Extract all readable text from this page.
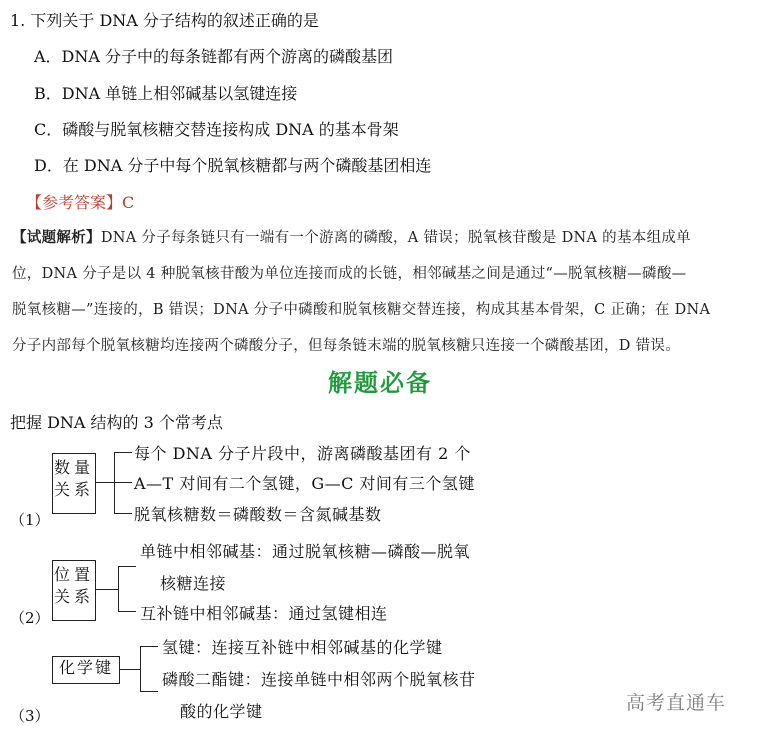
1. 下列关于 DNA 分子结构的叙述正确的是
A．DNA 分子中的每条链都有两个游离的磷酸基团
B．DNA 单链上相邻碱基以氢键连接
C．磷酸与脱氧核糖交替连接构成 DNA 的基本骨架
D．在 DNA 分子中每个脱氧核糖都与两个磷酸基团相连
【参考答案】C
【试题解析】DNA 分子每条链只有一端有一个游离的磷酸，A 错误；脱氧核苷酸是 DNA 的基本组成单
位，DNA 分子是以 4 种脱氧核苷酸为单位连接而成的长链，相邻碱基之间是通过“—脱氧核糖—磷酸—
脱氧核糖—”连接的，B 错误；DNA 分子中磷酸和脱氧核糖交替连接，构成其基本骨架，C 正确；在 DNA
分子内部每个脱氧核糖均连接两个磷酸分子，但每条链末端的脱氧核糖只连接一个磷酸基团，D 错误。
解题必备
把握 DNA 结构的 3 个常考点
数量
关系
每个 DNA 分子片段中，游离磷酸基团有 2 个
A—T 对间有二个氢键，G—C 对间有三个氢键
脱氧核糖数＝磷酸数＝含氮碱基数
（1）
位置
关系
单链中相邻碱基：通过脱氧核糖—磷酸—脱氧
核糖连接
互补链中相邻碱基：通过氢键相连
（2）
化学键
氢键：连接互补链中相邻碱基的化学键
磷酸二酯键：连接单链中相邻两个脱氧核苷
酸的化学键
（3）
高考直通车
